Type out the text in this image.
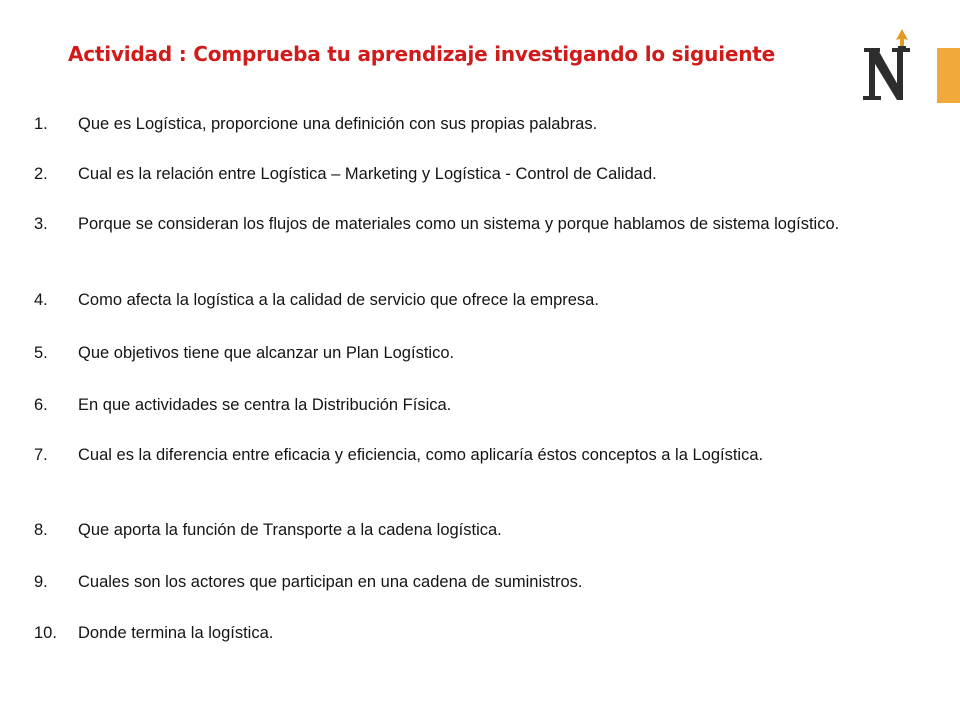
Actividad : Comprueba tu aprendizaje investigando lo siguiente
1.	Que es Logística, proporcione una definición con sus propias palabras.
2.	Cual es la relación entre Logística – Marketing y Logística - Control de Calidad.
3.	Porque se consideran los flujos de materiales como un sistema y porque hablamos de sistema logístico.
4.	Como afecta la logística a la calidad de servicio que ofrece la empresa.
5.	Que objetivos tiene que alcanzar un Plan Logístico.
6.	En que actividades se centra la Distribución Física.
7.	Cual es la diferencia entre eficacia y eficiencia, como aplicaría éstos conceptos a la Logística.
8.	Que aporta la función de Transporte a la cadena logística.
9.	Cuales son los actores que participan en una cadena de suministros.
10.	Donde termina la logística.
